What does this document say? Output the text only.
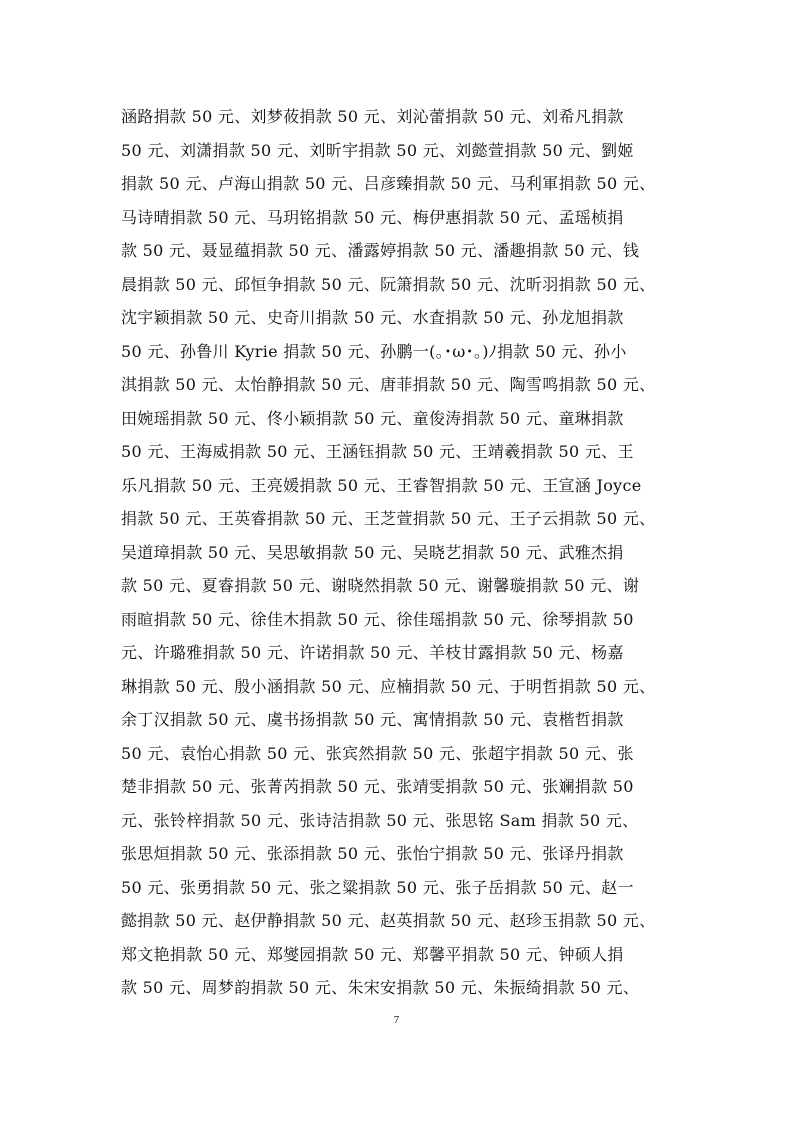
涵路捐款 50 元、刘梦莜捐款 50 元、刘沁蕾捐款 50 元、刘希凡捐款
50 元、刘潇捐款 50 元、刘昕宇捐款 50 元、刘懿萱捐款 50 元、劉姬
捐款 50 元、卢海山捐款 50 元、吕彦臻捐款 50 元、马利軍捐款 50 元、
马诗晴捐款 50 元、马玥铭捐款 50 元、梅伊惠捐款 50 元、孟瑶桢捐
款 50 元、聂显蕴捐款 50 元、潘露婷捐款 50 元、潘趣捐款 50 元、钱
晨捐款 50 元、邱恒争捐款 50 元、阮箫捐款 50 元、沈昕羽捐款 50 元、
沈宇颖捐款 50 元、史奇川捐款 50 元、水査捐款 50 元、孙龙旭捐款
50 元、孙鲁川 Kyrie 捐款 50 元、孙鹏一(｡･ω･｡)ﾉ捐款 50 元、孙小
淇捐款 50 元、太怡静捐款 50 元、唐菲捐款 50 元、陶雪鸣捐款 50 元、
田婉瑶捐款 50 元、佟小颖捐款 50 元、童俊涛捐款 50 元、童琳捐款
50 元、王海威捐款 50 元、王涵钰捐款 50 元、王靖羲捐款 50 元、王
乐凡捐款 50 元、王亮媛捐款 50 元、王睿智捐款 50 元、王宣涵 Joyce
捐款 50 元、王英睿捐款 50 元、王芝萱捐款 50 元、王子云捐款 50 元、
吴道璋捐款 50 元、吴思敏捐款 50 元、吴晓艺捐款 50 元、武雅杰捐
款 50 元、夏睿捐款 50 元、谢晓然捐款 50 元、谢馨璇捐款 50 元、谢
雨暄捐款 50 元、徐佳木捐款 50 元、徐佳瑶捐款 50 元、徐琴捐款 50
元、许璐雅捐款 50 元、许诺捐款 50 元、羊枝甘露捐款 50 元、杨嘉
琳捐款 50 元、殷小涵捐款 50 元、应楠捐款 50 元、于明哲捐款 50 元、
余丁汉捐款 50 元、虞书扬捐款 50 元、寓情捐款 50 元、袁楷哲捐款
50 元、袁怡心捐款 50 元、张宾然捐款 50 元、张超宇捐款 50 元、张
楚非捐款 50 元、张菁芮捐款 50 元、张靖雯捐款 50 元、张斓捐款 50
元、张铃梓捐款 50 元、张诗洁捐款 50 元、张思铭 Sam 捐款 50 元、
张思烜捐款 50 元、张添捐款 50 元、张怡宁捐款 50 元、张译丹捐款
50 元、张勇捐款 50 元、张之粱捐款 50 元、张子岳捐款 50 元、赵一
懿捐款 50 元、赵伊静捐款 50 元、赵英捐款 50 元、赵珍玉捐款 50 元、
郑文艳捐款 50 元、郑燮园捐款 50 元、郑馨平捐款 50 元、钟硕人捐
款 50 元、周梦韵捐款 50 元、朱宋安捐款 50 元、朱振绮捐款 50 元、
7
